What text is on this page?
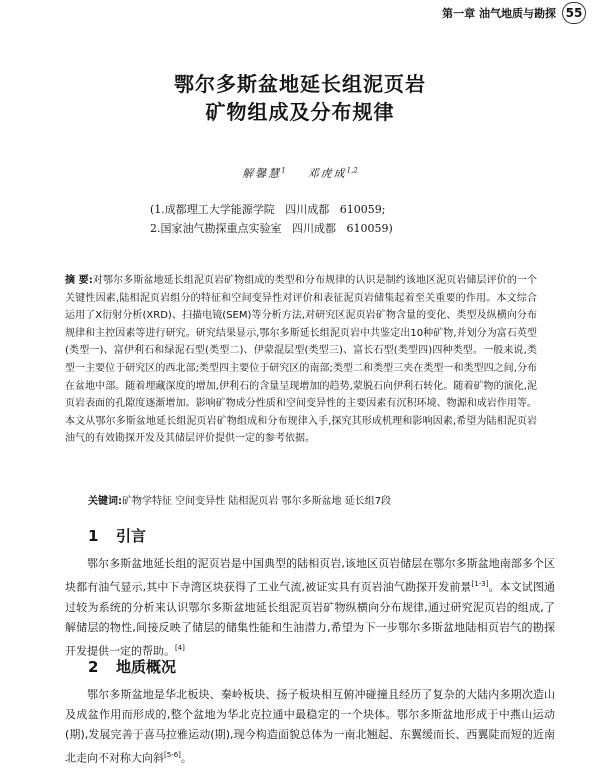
第一章 油气地质与勘探 55
鄂尔多斯盆地延长组泥页岩
矿物组成及分布规律
解馨慧$^1$ 邓虎成$^{1,2}$
(1.成都理工大学能源学院   四川成都   610059;
2.国家油气勘探重点实验室   四川成都   610059)
摘 要:对鄂尔多斯盆地延长组泥页岩矿物组成的类型和分布规律的认识是制约该地区泥页岩储层评价的一个关键性因素,陆相泥页岩组分的特征和空间变异性对评价和表征泥页岩储集起着至关重要的作用。本文综合运用了X衍射分析(XRD)、扫描电镜(SEM)等分析方法,对研究区泥页岩矿物含量的变化、类型及纵横向分布规律和主控因素等进行研究。研究结果显示,鄂尔多斯延长组泥页岩中共鉴定出10种矿物,并划分为富石英型(类型一)、富伊利石和绿泥石型(类型二)、伊蒙混层型(类型三)、富长石型(类型四)四种类型。一般来说,类型一主要位于研究区的西北部;类型四主要位于研究区的南部;类型二和类型三夹在类型一和类型四之间,分布在盆地中部。随着埋藏深度的增加,伊利石的含量呈现增加的趋势,蒙脱石向伊利石转化。随着矿物的演化,泥页岩表面的孔隙度逐渐增加。影响矿物成分性质和空间变异性的主要因素有沉积环境、物源和成岩作用等。本文从鄂尔多斯盆地延长组泥页岩矿物组成和分布规律入手,探究其形成机理和影响因素,希望为陆相泥页岩油气的有效勘探开发及其储层评价提供一定的参考依据。
关键词:矿物学特征 空间变异性 陆相泥页岩 鄂尔多斯盆地 延长组7段
1 引言
鄂尔多斯盆地延长组的泥页岩是中国典型的陆相页岩,该地区页岩储层在鄂尔多斯盆地南部多个区块都有油气显示,其中下寺湾区块获得了工业气流,被证实具有页岩油气勘探开发前景[1-3]。本文试图通过较为系统的分析来认识鄂尔多斯盆地延长组泥页岩矿物纵横向分布规律,通过研究泥页岩的组成,了解储层的物性,间接反映了储层的储集性能和生油潜力,希望为下一步鄂尔多斯盆地陆相页岩气的勘探开发提供一定的帮助。[4]
2 地质概况
鄂尔多斯盆地是华北板块、秦岭板块、扬子板块相互俯冲碰撞且经历了复杂的大陆内多期次造山及成盆作用而形成的,整个盆地为华北克拉通中最稳定的一个块体。鄂尔多斯盆地形成于中燕山运动(期),发展完善于喜马拉雅运动(期),现今构造面貌总体为一南北翘起、东翼缓而长、西翼陡而短的近南北走向不对称大向斜[5-6]。
